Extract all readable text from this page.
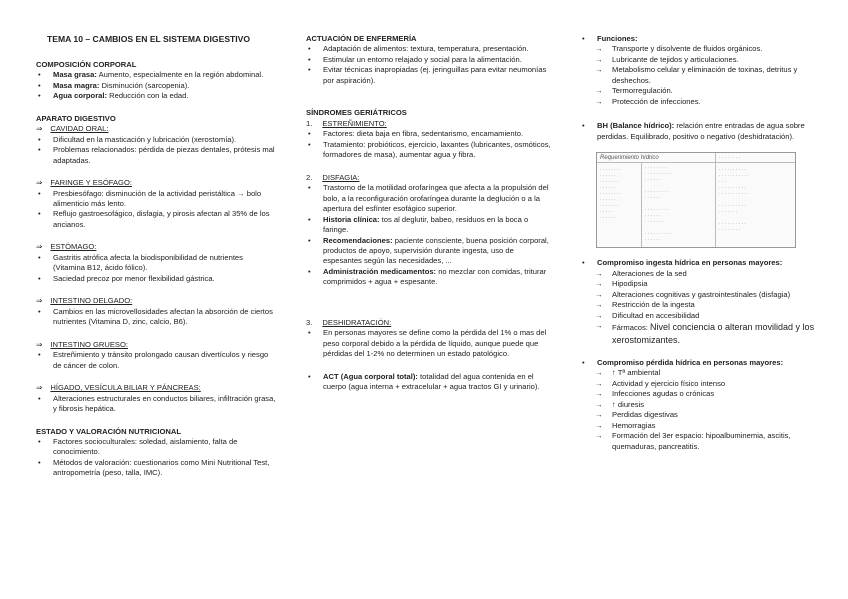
TEMA 10 – CAMBIOS EN EL SISTEMA DIGESTIVO

COMPOSICIÓN CORPORAL

• Masa grasa: Aumento, especialmente en la región abdominal.
• Masa magra: Disminución (sarcopenia).
• Agua corporal: Reducción con la edad.

APARATO DIGESTIVO

⇒ CAVIDAD ORAL:

• Dificultad en la masticación y lubricación (xerostomía).
• Problemas relacionados: pérdida de piezas dentales, prótesis mal adaptadas.

⇒ FARINGE Y ESÓFAGO:

• Presbiesófago: disminución de la actividad peristáltica → bolo alimenticio más lento.
• Reflujo gastroesofágico, disfagia, y pirosis afectan al 35% de los ancianos.

⇒ ESTÓMAGO:

• Gastritis atrófica afecta la biodisponibilidad de nutrientes (Vitamina B12, ácido fólico).
• Saciedad precoz por menor flexibilidad gástrica.

⇒ INTESTINO DELGADO:

• Cambios en las microvellosidades afectan la absorción de ciertos nutrientes (Vitamina D, zinc, calcio, B6).

⇒ INTESTINO GRUESO:

• Estreñimiento y tránsito prolongado causan divertículos y riesgo de cáncer de colon.

⇒ HÍGADO, VESÍCULA BILIAR Y PÁNCREAS:

• Alteraciones estructurales en conductos biliares, infiltración grasa, y fibrosis hepática.

ESTADO Y VALORACIÓN NUTRICIONAL

• Factores socioculturales: soledad, aislamiento, falta de conocimiento.
• Métodos de valoración: cuestionarios como Mini Nutritional Test, antropometría (peso, talla, IMC).

ACTUACIÓN DE ENFERMERÍA

• Adaptación de alimentos: textura, temperatura, presentación.
• Estimular un entorno relajado y social para la alimentación.
• Evitar técnicas inapropiadas (ej. jeringuillas para evitar neumonías por aspiración).

SÍNDROMES GERIÁTRICOS

1. ESTREÑIMIENTO:

• Factores: dieta baja en fibra, sedentarismo, encamamiento.
• Tratamiento: probióticos, ejercicio, laxantes (lubricantes, osmóticos, formadores de masa), aumentar agua y fibra.

2. DISFAGIA:

• Trastorno de la motilidad orofaríngea que afecta a la propulsión del bolo, a la reconfiguración orofaríngea durante la deglución o a la apertura del esfínter esofágico superior.
• Historia clínica: tos al deglutir, babeo, residuos en la boca o faringe.
• Recomendaciones: paciente consciente, buena posición corporal, productos de apoyo, supervisión durante ingesta, uso de espesantes según las necesidades, ...
• Administración medicamentos: no mezclar con comidas, triturar comprimidos + agua + espesante.

3. DESHIDRATACIÓN:

• En personas mayores se define como la pérdida del 1% o mas del peso corporal debido a la pérdida de líquido, aunque puede que pérdidas del 1-2% no determinen un estado patológico.
• ACT (Agua corporal total): totalidad del agua contenida en el cuerpo (agua interna + extracelular + agua tractos GI y urinario).
• Funciones:
→ Transporte y disolvente de fluidos orgánicos.
→ Lubricante de tejidos y articulaciones.
→ Metabolismo celular y eliminación de toxinas, detritus y deshechos.
→ Termorregulación.
→ Protección de infecciones.
• BH (Balance hídrico): relación entre entradas de agua sobre perdidas. Equilibrado, positivo o negativo (deshidratación).
Requerimiento hídrico
· · · · · · · ·
· · · · · ·
· · · · · · ·
· · · · · ·
· · · · · · · ·
· · · · · ·
· · · · · · ·
· · · · ·
· · · · · ·
· · · · · · · ·
· · · · · · · · · ·
· · · · · ·

· · · · · · · · ·
· · · · · ·

· · · · · · · · ·
· · · · · ·
· · · · · · ·

· · · · · · · · · ·
· · · · · ·
· · · · · · · ·

· · · · · · · · · ·
· · · · · · · · · · ·
· · ·
· · · · · · · · · ·
· · · · · · · · · · ·

· · · · · · · · · ·
· · · · · · ·

· · · · · · · · · ·
· · · · · · · ·
• Compromiso ingesta hídrica en personas mayores:
→ Alteraciones de la sed
→ Hipodipsia
→ Alteraciones cognitivas y gastrointestinales (disfagia)
→ Restricción de la ingesta
→ Dificultad en accesibilidad
→ Fármacos: Nivel conciencia o alteran movilidad y los xerostomizantes.
• Compromiso pérdida hídrica en personas mayores:
→ ↑ Tª ambiental
→ Actividad y ejercicio físico intenso
→ Infecciones agudas o crónicas
→ ↑ diuresis
→ Perdidas digestivas
→ Hemorragias
→ Formación del 3er espacio: hipoalbuminemia, ascitis, quemaduras, pancreatitis.
